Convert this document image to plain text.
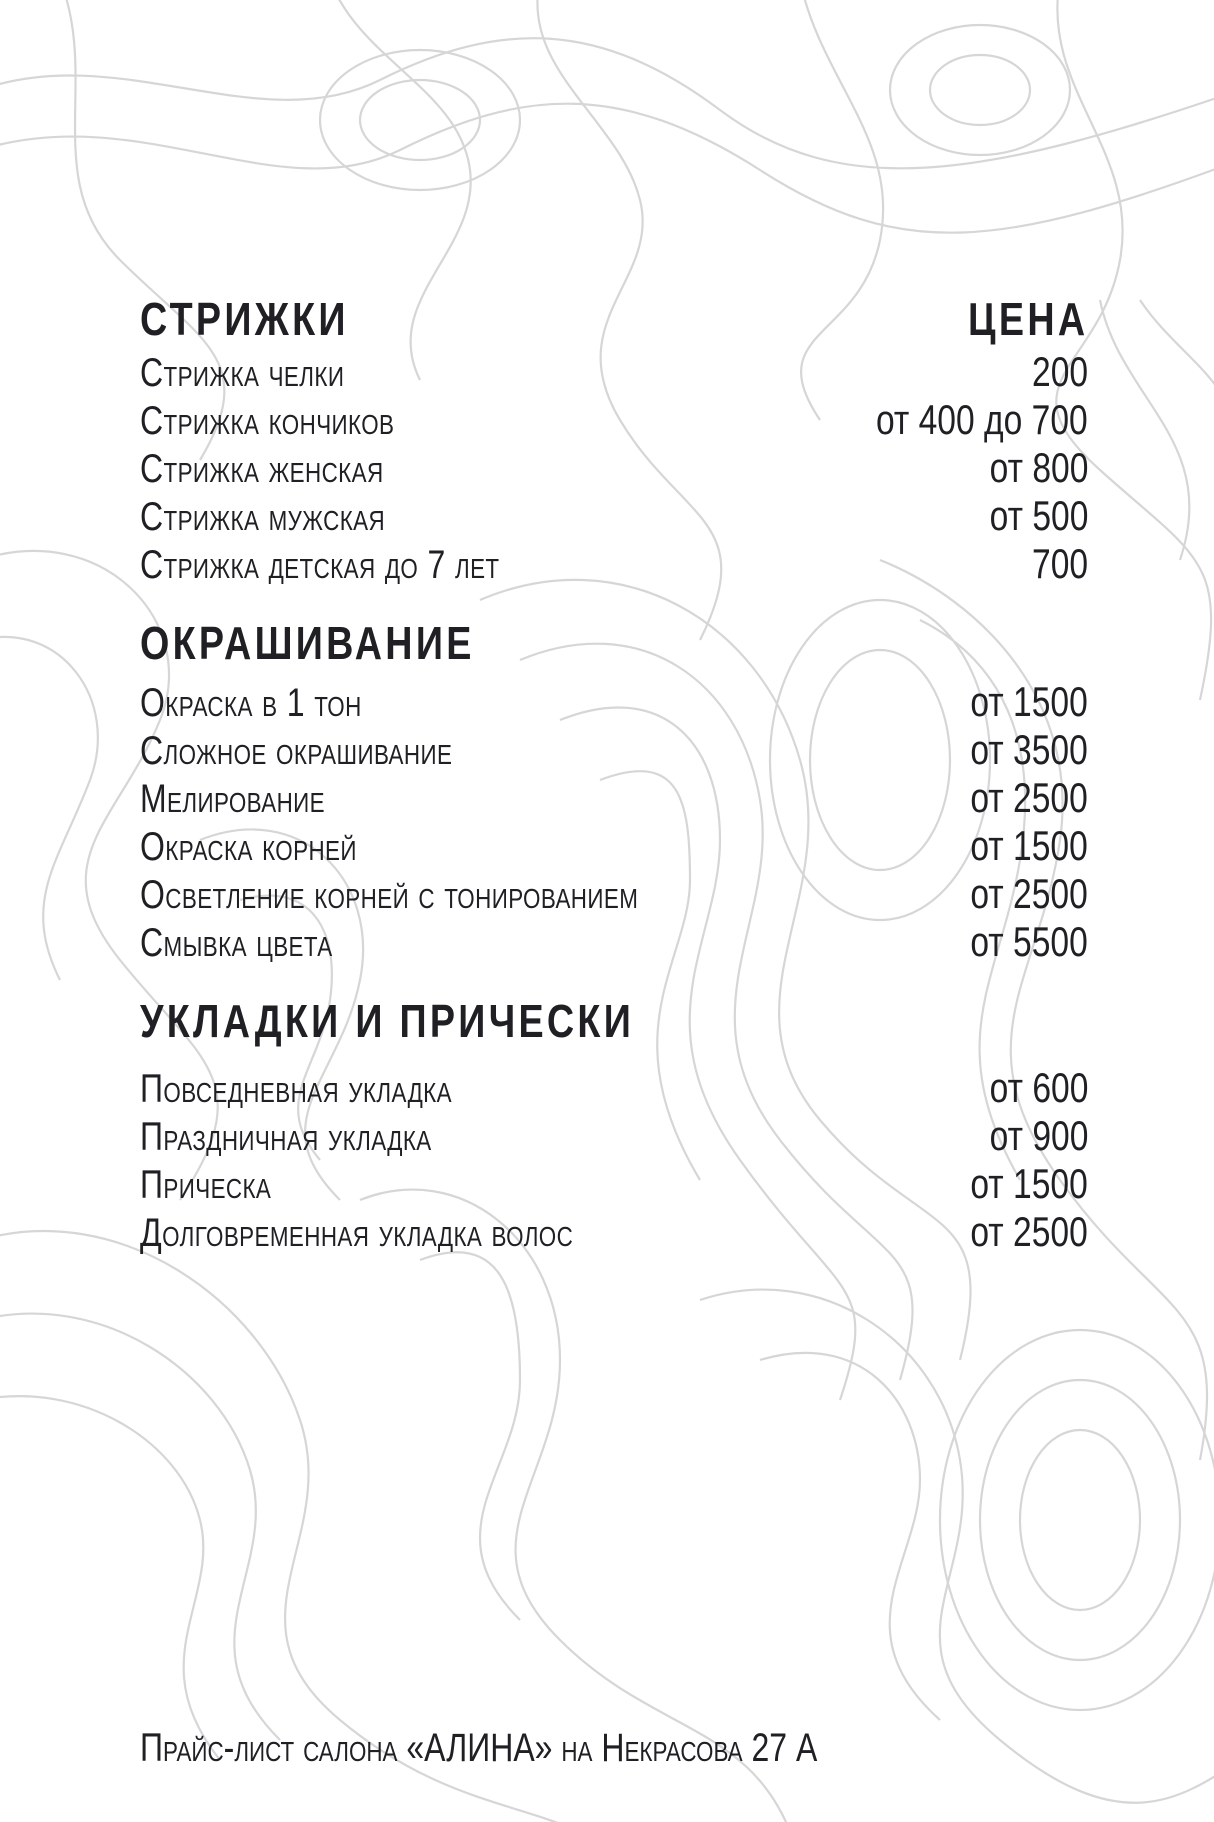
СТРИЖКИ	ЦЕНА
Стрижка челки	200
Стрижка кончиков	от 400 до 700
Стрижка женская	от 800
Стрижка мужская	от 500
Стрижка детская до 7 лет	700
ОКРАШИВАНИЕ
Окраска в 1 тон	от 1500
Сложное окрашивание	от 3500
Мелирование	от 2500
Окраска корней	от 1500
Осветление корней с тонированием	от 2500
Смывка цвета	от 5500
УКЛАДКИ И ПРИЧЕСКИ
Повседневная укладка	от 600
Праздничная укладка	от 900
Прическа	от 1500
Долговременная укладка волос	от 2500
Прайс-лист салона «АЛИНА» на Некрасова 27 А
